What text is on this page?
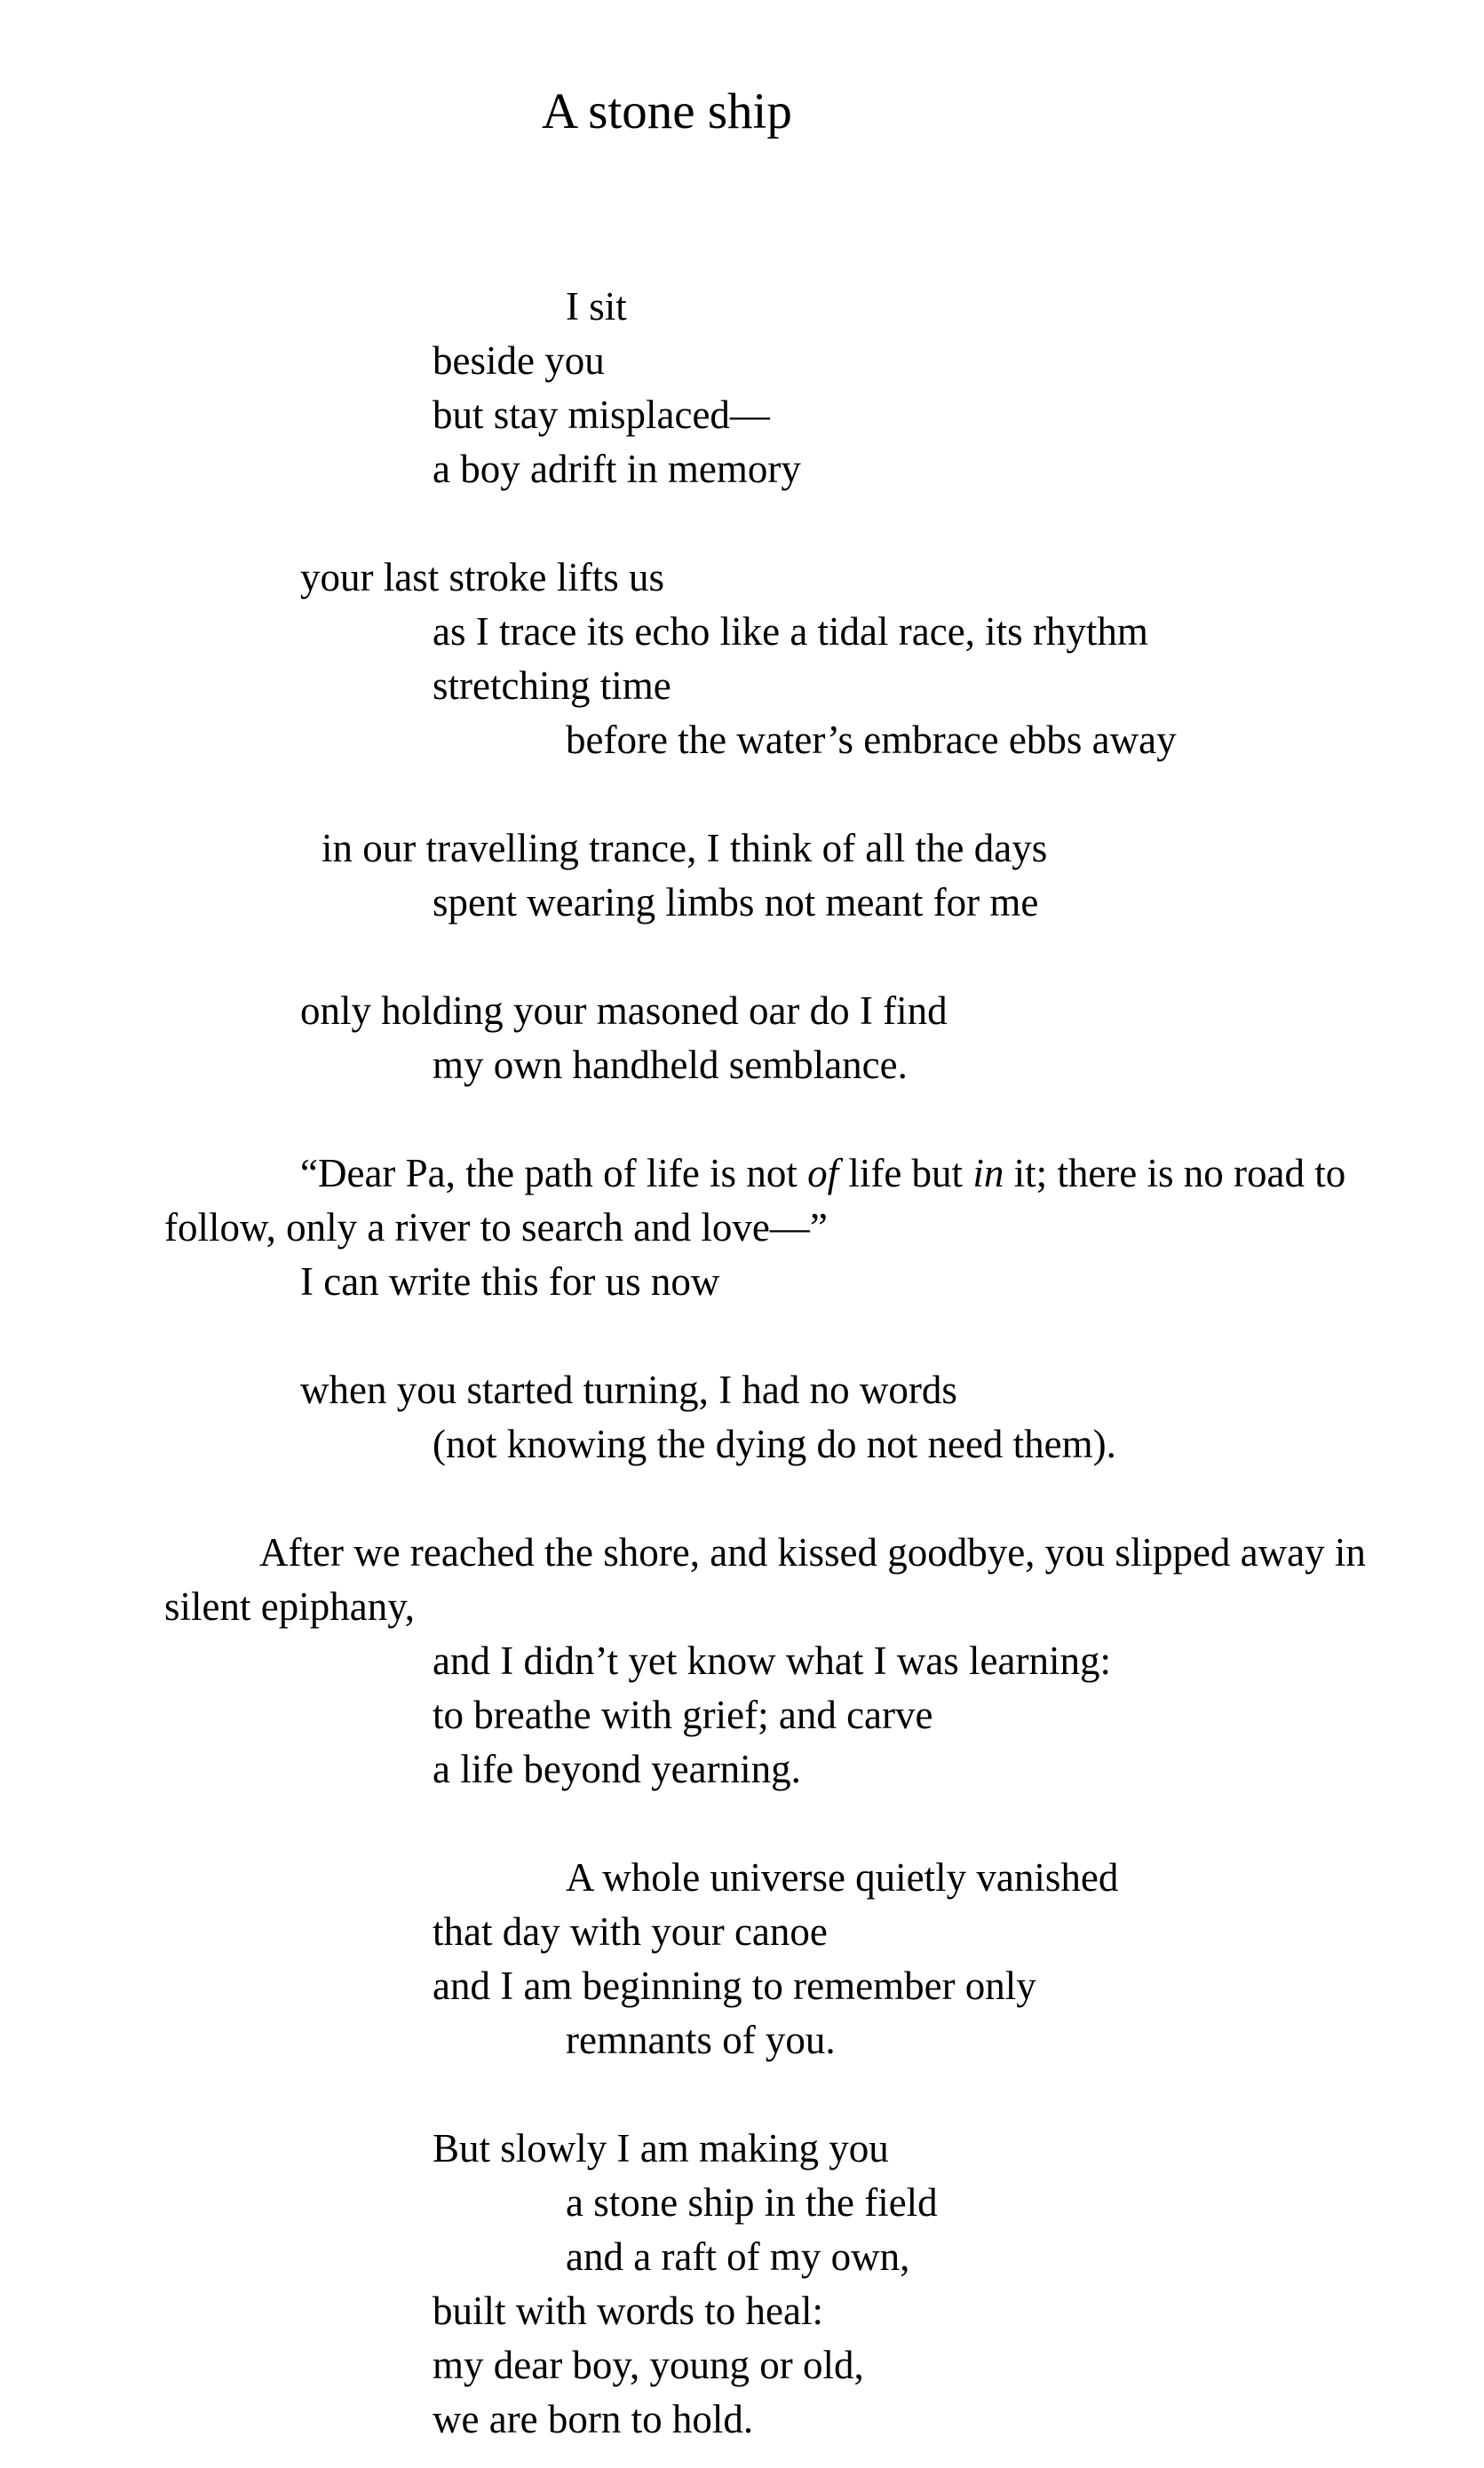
A stone ship
I sit
beside you
but stay misplaced—
a boy adrift in memory
your last stroke lifts us
as I trace its echo like a tidal race, its rhythm
stretching time
before the water’s embrace ebbs away
in our travelling trance, I think of all the days
spent wearing limbs not meant for me
only holding your masoned oar do I find
my own handheld semblance.
“Dear Pa, the path of life is not of life but in it; there is no road to
follow, only a river to search and love—”
I can write this for us now
when you started turning, I had no words
(not knowing the dying do not need them).
After we reached the shore, and kissed goodbye, you slipped away in
silent epiphany,
and I didn’t yet know what I was learning:
to breathe with grief; and carve
a life beyond yearning.
A whole universe quietly vanished
that day with your canoe
and I am beginning to remember only
remnants of you.
But slowly I am making you
a stone ship in the field
and a raft of my own,
built with words to heal:
my dear boy, young or old,
we are born to hold.
